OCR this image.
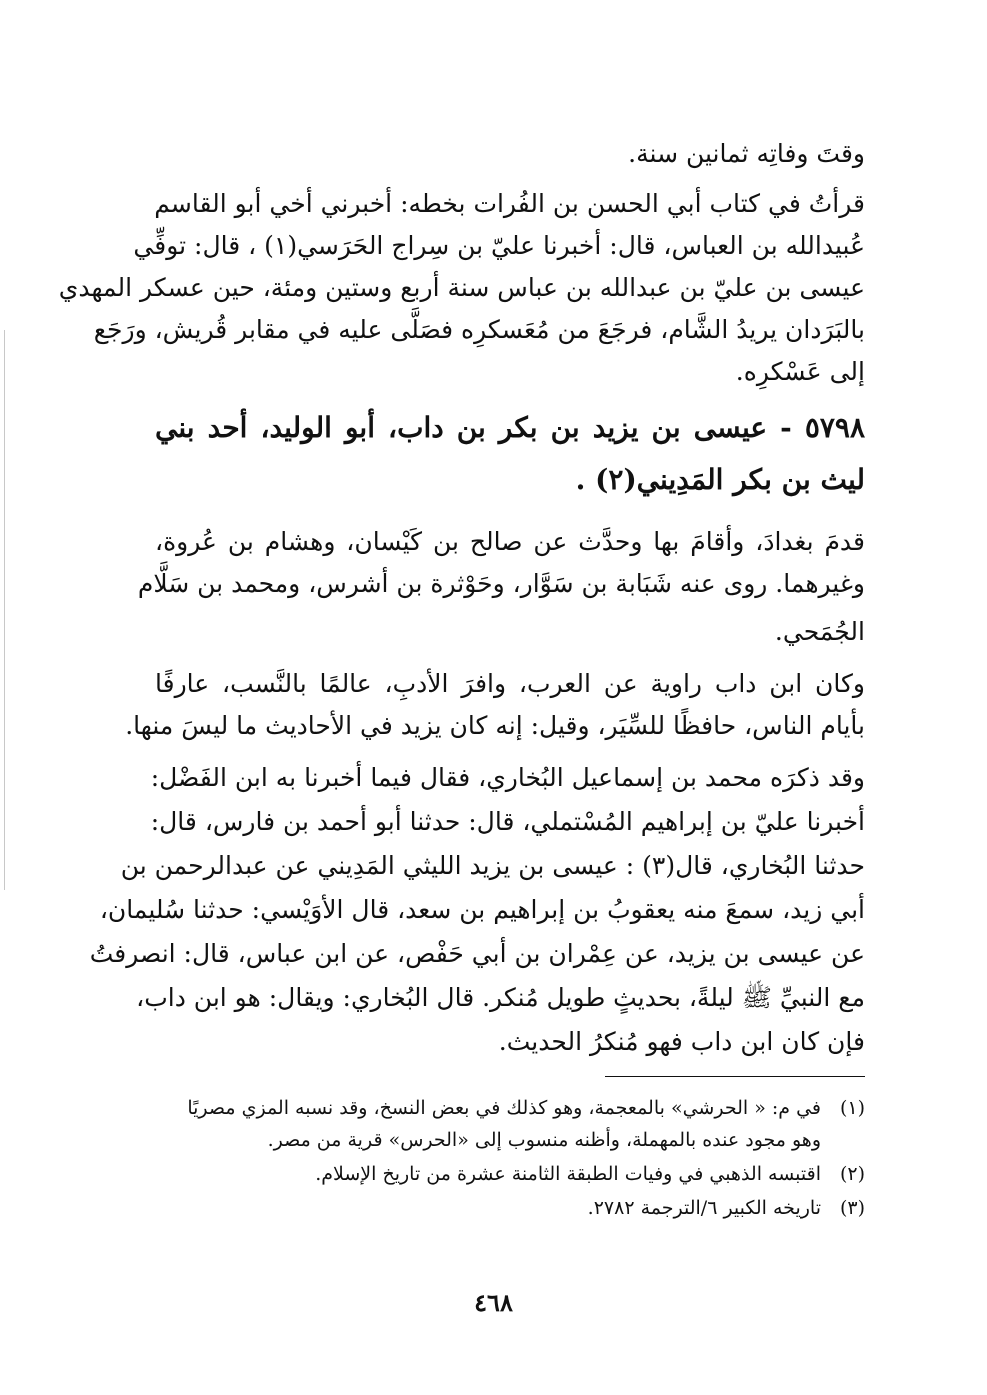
وقتَ وفاتِه ثمانين سنة.
قرأتُ في كتاب أبي الحسن بن الفُرات بخطه: أخبرني أخي أبو القاسم
عُبيدالله بن العباس، قال: أخبرنا عليّ بن سِراج الحَرَسي(١) ، قال: توفِّي
عيسى بن عليّ بن عبدالله بن عباس سنة أربع وستين ومئة، حين عسكر المهدي
بالبَرَدان يريدُ الشَّام، فرجَعَ من مُعَسكرِه فصَلَّى عليه في مقابر قُريش، ورَجَع
إلى عَسْكرِه.
٥٧٩٨ - عيسى بن يزيد بن بكر بن داب، أبو الوليد، أحد بني
ليث بن بكر المَدِيني(٢) .
قدمَ بغدادَ، وأقامَ بها وحدَّث عن صالح بن كَيْسان، وهشام بن عُروة،
وغيرهما. روى عنه شَبَابة بن سَوَّار، وحَوْثرة بن أشرس، ومحمد بن سَلَّام
الجُمَحي.
وكان ابن داب راوية عن العرب، وافرَ الأدبِ، عالمًا بالنَّسب، عارفًا
بأيام الناس، حافظًا للسِّيَر، وقيل: إنه كان يزيد في الأحاديث ما ليسَ منها.
وقد ذكرَه محمد بن إسماعيل البُخاري، فقال فيما أخبرنا به ابن الفَضْل:
أخبرنا عليّ بن إبراهيم المُسْتملي، قال: حدثنا أبو أحمد بن فارس، قال:
حدثنا البُخاري، قال(٣) : عيسى بن يزيد الليثي المَدِيني عن عبدالرحمن بن
أبي زيد، سمعَ منه يعقوبُ بن إبراهيم بن سعد، قال الأوَيْسي: حدثنا سُليمان،
عن عيسى بن يزيد، عن عِمْران بن أبي حَفْص، عن ابن عباس، قال: انصرفتُ
مع النبيِّ ﷺ ليلةً، بحديثٍ طويل مُنكر. قال البُخاري: ويقال: هو ابن داب،
فإن كان ابن داب فهو مُنكرُ الحديث.
(١)في م: « الحرشي» بالمعجمة، وهو كذلك في بعض النسخ، وقد نسبه المزي مصريًا
وهو مجود عنده بالمهملة، وأظنه منسوب إلى «الحرس» قرية من مصر.
(٢)اقتبسه الذهبي في وفيات الطبقة الثامنة عشرة من تاريخ الإسلام.
(٣)تاريخه الكبير ٦/الترجمة ٢٧٨٢.
٤٦٨
